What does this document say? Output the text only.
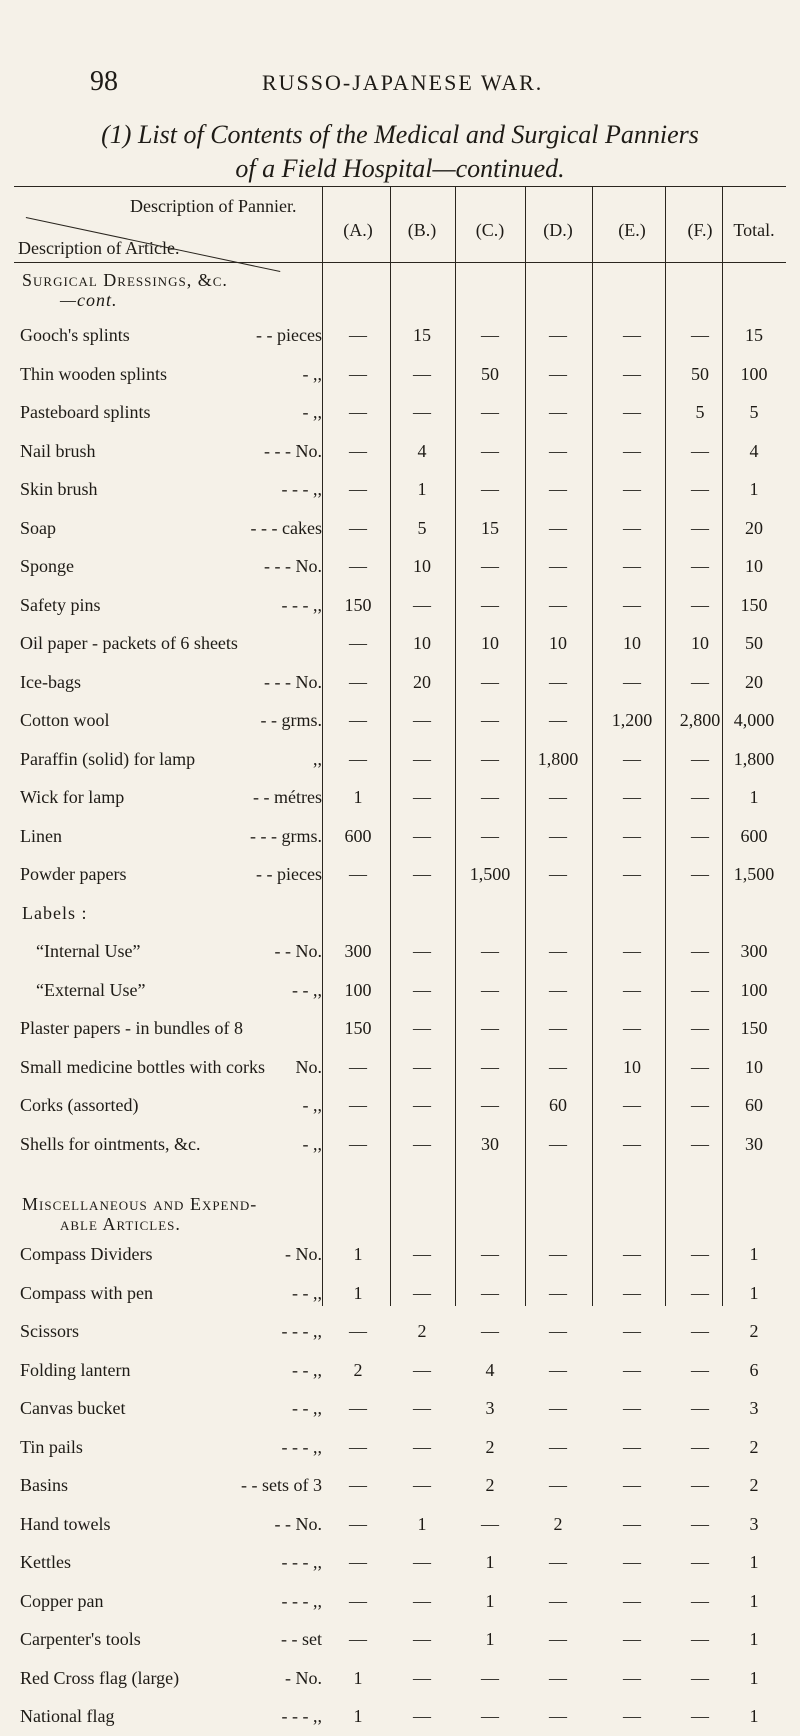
98	RUSSO-JAPANESE WAR.
(1) List of Contents of the Medical and Surgical Panniers
of a Field Hospital—continued.
Description of Pannier.
Description of Article.
(A.)	(B.)	(C.)	(D.)	(E.)	(F.)	Total.
Surgical Dressings, &c.
—cont.
Gooch's splints	- - pieces	—	15	—	—	—	—	15
Thin wooden splints	- ,,	—	—	50	—	—	50	100
Pasteboard splints	- ,,	—	—	—	—	—	5	5
Nail brush	- - - No.	—	4	—	—	—	—	4
Skin brush	- - - ,,	—	1	—	—	—	—	1
Soap	- - - cakes	—	5	15	—	—	—	20
Sponge	- - - No.	—	10	—	—	—	—	10
Safety pins	- - - ,,	150	—	—	—	—	—	150
Oil paper - packets of 6 sheets	—	10	10	10	10	10	50
Ice-bags	- - - No.	—	20	—	—	—	—	20
Cotton wool	- - grms.	—	—	—	—	1,200	2,800 4,000
Paraffin (solid) for lamp	,,	—	—	—	1,800	—	—	1,800
Wick for lamp	- - métres	1	—	—	—	—	—	1
Linen	- - - grms.	600	—	—	—	—	—	600
Powder papers	- - pieces	—	—	1,500	—	—	—	1,500
Labels :
“Internal Use”	- - No.	300	—	—	—	—	—	300
“External Use”	- - ,,	100	—	—	—	—	—	100
Plaster papers - in bundles of 8	150	—	—	—	—	—	150
Small medicine bottles with corks No.	—	—	—	—	10	—	10
Corks (assorted)	- ,,	—	—	—	60	—	—	60
Shells for ointments, &c.	- ,,	—	—	30	—	—	—	30
Miscellaneous and Expend-
able Articles.
Compass Dividers	- No.	1	—	—	—	—	—	1
Compass with pen	- - ,,	1	—	—	—	—	—	1
Scissors	- - - ,,	—	2	—	—	—	—	2
Folding lantern	- - ,,	2	—	4	—	—	—	6
Canvas bucket	- - ,,	—	—	3	—	—	—	3
Tin pails	- - - ,,	—	—	2	—	—	—	2
Basins	- - sets of 3	—	—	2	—	—	—	2
Hand towels	- - No.	—	1	—	2	—	—	3
Kettles	- - - ,,	—	—	1	—	—	—	1
Copper pan	- - - ,,	—	—	1	—	—	—	1
Carpenter's tools	- - set	—	—	1	—	—	—	1
Red Cross flag (large)	- No.	1	—	—	—	—	—	1
National flag	- - - ,,	1	—	—	—	—	—	1
